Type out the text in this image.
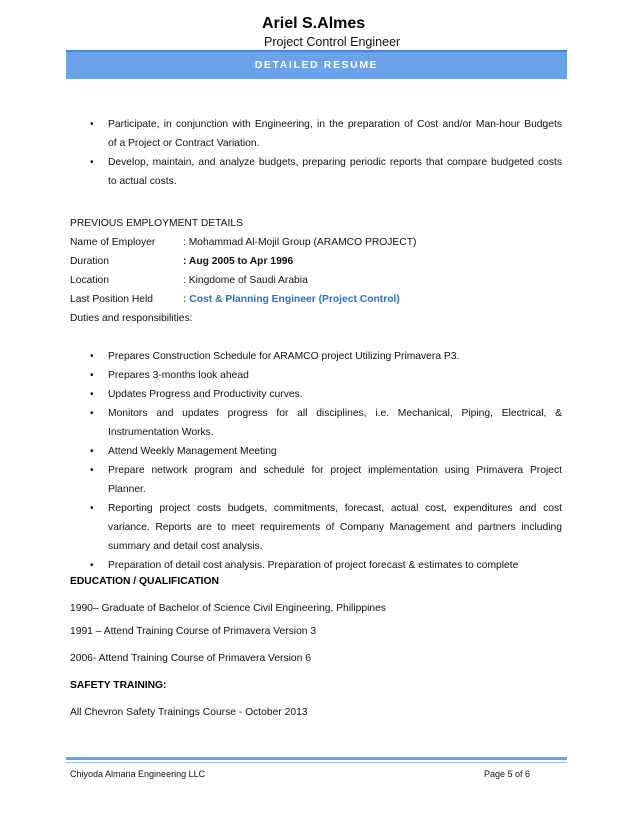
Ariel S.Almes
Project Control Engineer
DETAILED RESUME
• Participate, in conjunction with Engineering, in the preparation of Cost and/or Man-hour Budgets
of a Project or Contract Variation.
• Develop, maintain, and analyze budgets, preparing periodic reports that compare budgeted costs
to actual costs.
PREVIOUS EMPLOYMENT DETAILS
Name of Employer	: Mohammad Al-Mojil Group (ARAMCO PROJECT)
Duration	: Aug 2005 to Apr 1996
Location	: Kingdome of Saudi Arabia
Last Position Held	: Cost & Planning Engineer (Project Control)
Duties and responsibilities:
• Prepares Construction Schedule for ARAMCO project Utilizing Primavera P3.
• Prepares 3-months look ahead
• Updates Progress and Productivity curves.
• Monitors and updates progress for all disciplines, i.e. Mechanical, Piping, Electrical, &
Instrumentation Works.
• Attend Weekly Management Meeting
• Prepare network program and schedule for project implementation using Primavera Project
Planner.
• Reporting project costs budgets, commitments, forecast, actual cost, expenditures and cost
variance. Reports are to meet requirements of Company Management and partners including
summary and detail cost analysis.
• Preparation of detail cost analysis. Preparation of project forecast & estimates to complete
EDUCATION / QUALIFICATION
1990– Graduate of Bachelor of Science Civil Engineering, Philippines
1991 – Attend Training Course of Primavera Version 3
2006- Attend Training Course of Primavera Version 6
SAFETY TRAINING:
All Chevron Safety Trainings Course - October 2013
Chiyoda Almana Engineering LLC	Page 5 of 6
